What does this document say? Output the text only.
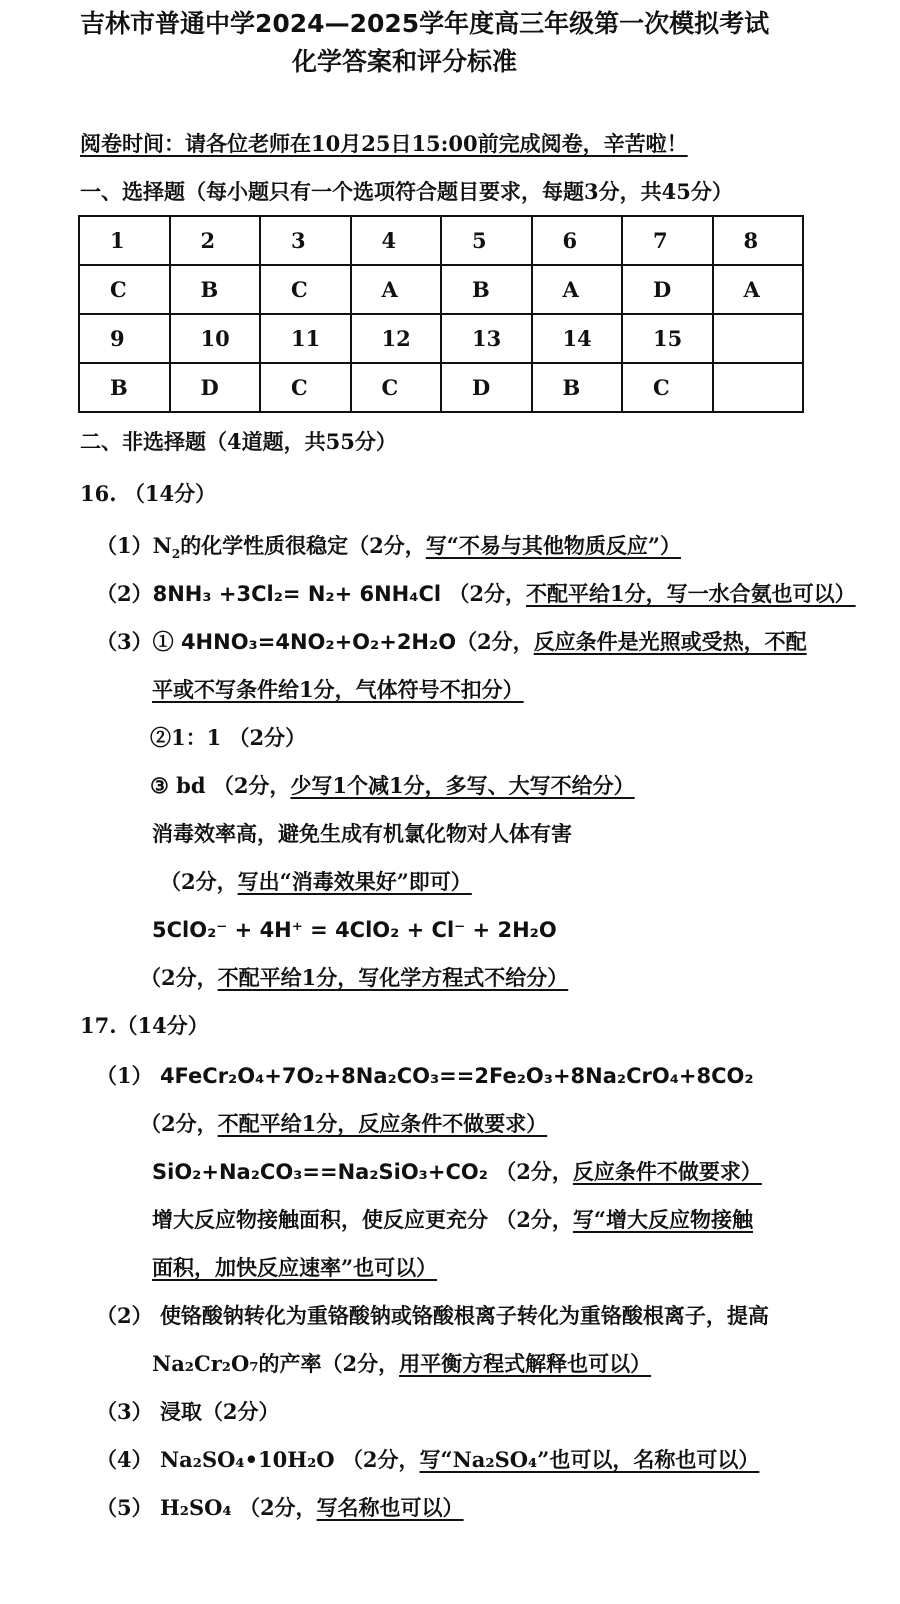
吉林市普通中学2024—2025学年度高三年级第一次模拟考试
化学答案和评分标准
阅卷时间：请各位老师在10月25日15:00前完成阅卷，辛苦啦！
一、选择题（每小题只有一个选项符合题目要求，每题3分，共45分）
1	2	3	4	5	6	7	8
C	B	C	A	B	A	D	A
9	10	11	12	13	14	15	
B	D	C	C	D	B	C	
二、非选择题（4道题，共55分）
16. （14分）
$(1)N_2$的化学性质很稳定（2分，写“不易与其他物质反应”）
（2）8NH₃ +3Cl₂= N₂+ 6NH₄Cl （2分，不配平给1分，写一水合氨也可以）
（3）① 4HNO₃=4NO₂+O₂+2H₂O（2分，反应条件是光照或受热，不配
平或不写条件给1分，气体符号不扣分）
②1：1 （2分）
③ bd （2分，少写1个减1分，多写、大写不给分）
消毒效率高，避免生成有机氯化物对人体有害
（2分，写出“消毒效果好”即可）
5ClO₂⁻ + 4H⁺ = 4ClO₂ + Cl⁻ + 2H₂O
（2分，不配平给1分，写化学方程式不给分）
17.（14分）
（1） 4FeCr₂O₄+7O₂+8Na₂CO₃==2Fe₂O₃+8Na₂CrO₄+8CO₂
（2分，不配平给1分，反应条件不做要求）
SiO₂+Na₂CO₃==Na₂SiO₃+CO₂ （2分，反应条件不做要求）
增大反应物接触面积，使反应更充分 （2分，写“增大反应物接触
面积，加快反应速率”也可以）
（2） 使铬酸钠转化为重铬酸钠或铬酸根离子转化为重铬酸根离子，提高
Na₂Cr₂O₇的产率（2分，用平衡方程式解释也可以）
（3） 浸取（2分）
（4） Na₂SO₄•10H₂O （2分，写“Na₂SO₄”也可以，名称也可以）
（5） H₂SO₄ （2分，写名称也可以）
